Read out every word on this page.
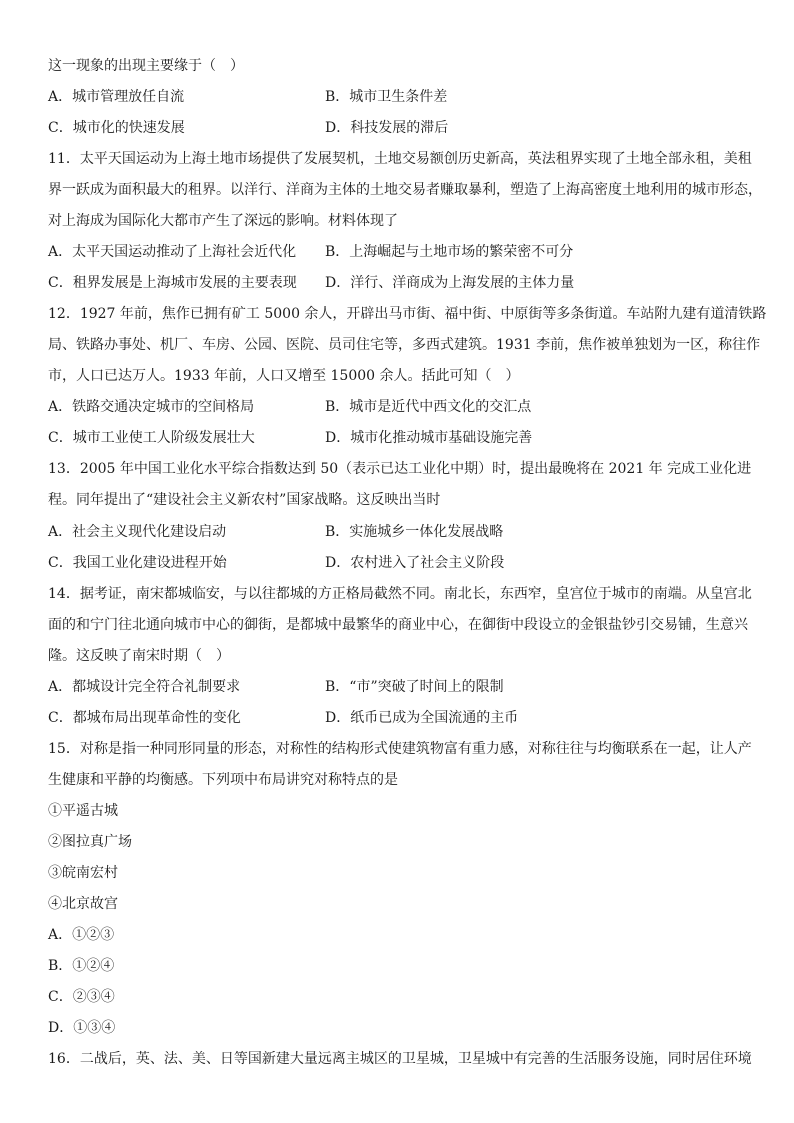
这一现象的出现主要缘于（　）
A．城市管理放任自流	B．城市卫生条件差
C．城市化的快速发展	D．科技发展的滞后
11．太平天国运动为上海土地市场提供了发展契机，土地交易额创历史新高，英法租界实现了土地全部永租，美租
界一跃成为面积最大的租界。以洋行、洋商为主体的土地交易者赚取暴利，塑造了上海高密度土地利用的城市形态，
对上海成为国际化大都市产生了深远的影响。材料体现了
A．太平天国运动推动了上海社会近代化 B．上海崛起与土地市场的繁荣密不可分
C．租界发展是上海城市发展的主要表现 D．洋行、洋商成为上海发展的主体力量
12．1927 年前，焦作已拥有矿工 5000 余人，开辟出马市街、福中街、中原街等多条街道。车站附九建有道清铁路
局、铁路办事处、机厂、车房、公园、医院、员司住宅等，多西式建筑。1931 李前，焦作被单独划为一区，称往作
市，人口已达万人。1933 年前，人口又增至 15000 余人。括此可知（　）
A．铁路交通决定城市的空间格局	B．城市是近代中西文化的交汇点
C．城市工业使工人阶级发展壮大	D．城市化推动城市基础设施完善
13．2005 年中国工业化水平综合指数达到 50（表示已达工业化中期）时，提出最晚将在 2021 年 完成工业化进
程。同年提出了“建设社会主义新农村”国家战略。这反映出当时
A．社会主义现代化建设启动	B．实施城乡一体化发展战略
C．我国工业化建设进程开始	D．农村进入了社会主义阶段
14．据考证，南宋都城临安，与以往都城的方正格局截然不同。南北长，东西窄，皇宫位于城市的南端。从皇宫北
面的和宁门往北通向城市中心的御街，是都城中最繁华的商业中心，在御街中段设立的金银盐钞引交易铺，生意兴
隆。这反映了南宋时期（　）
A．都城设计完全符合礼制要求	B．“市”突破了时间上的限制
C．都城布局出现革命性的变化	D．纸币已成为全国流通的主币
15．对称是指一种同形同量的形态，对称性的结构形式使建筑物富有重力感，对称往往与均衡联系在一起，让人产
生健康和平静的均衡感。下列项中布局讲究对称特点的是
①平遥古城
②图拉真广场
③皖南宏村
④北京故宫
A．①②③
B．①②④
C．②③④
D．①③④
16．二战后，英、法、美、日等国新建大量远离主城区的卫星城，卫星城中有完善的生活服务设施，同时居住环境
